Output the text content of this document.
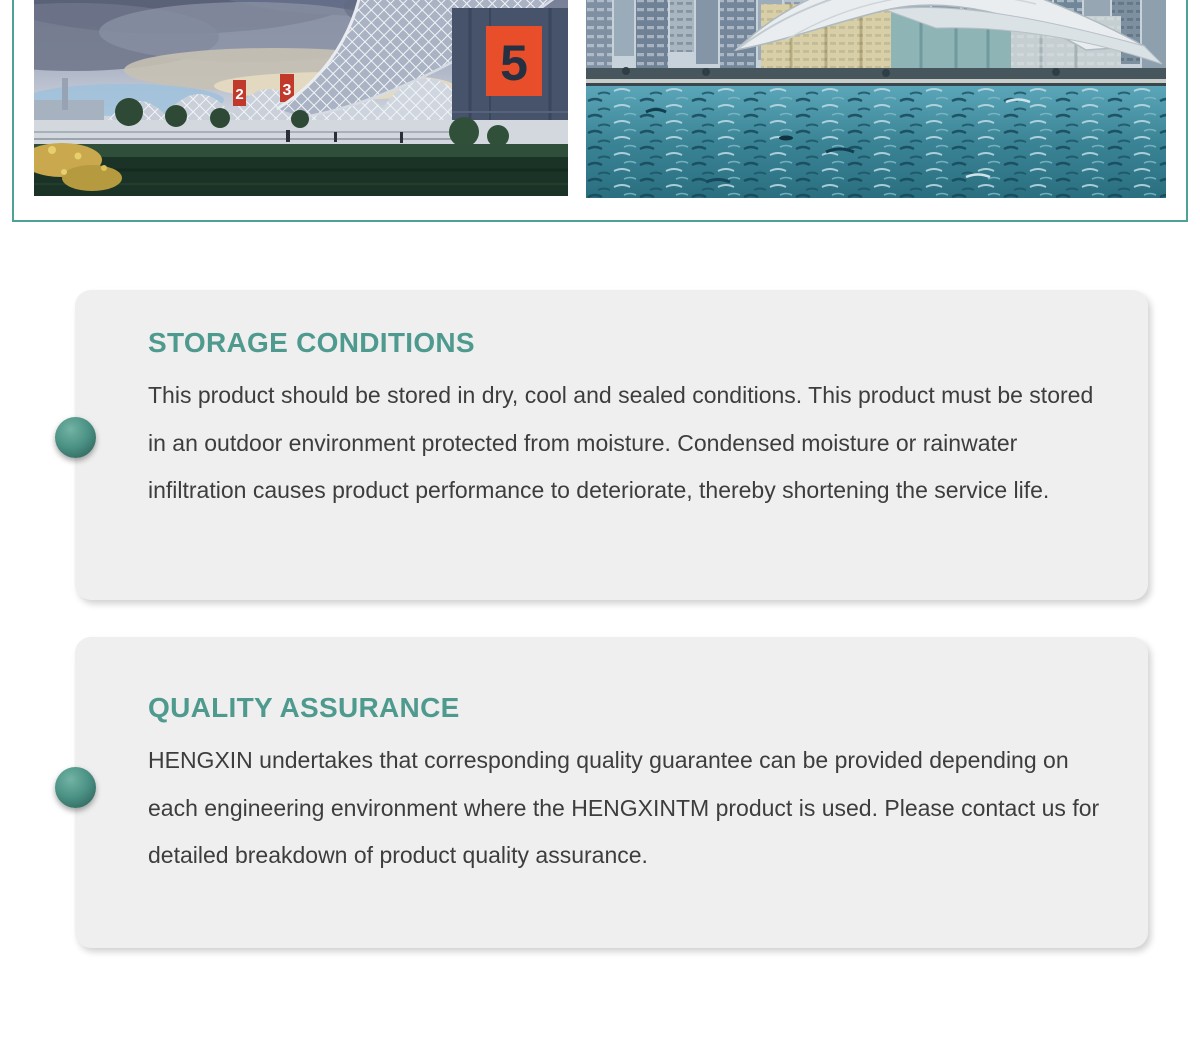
2 3	5
STORAGE CONDITIONS

This product should be stored in dry, cool and sealed conditions. This product must be stored in an outdoor environment protected from moisture. Condensed moisture or rainwater infiltration causes product performance to deteriorate, thereby shortening the service life.

QUALITY ASSURANCE

HENGXIN undertakes that corresponding quality guarantee can be provided depending on each engineering environment where the HENGXINTM product is used. Please contact us for detailed breakdown of product quality assurance.
